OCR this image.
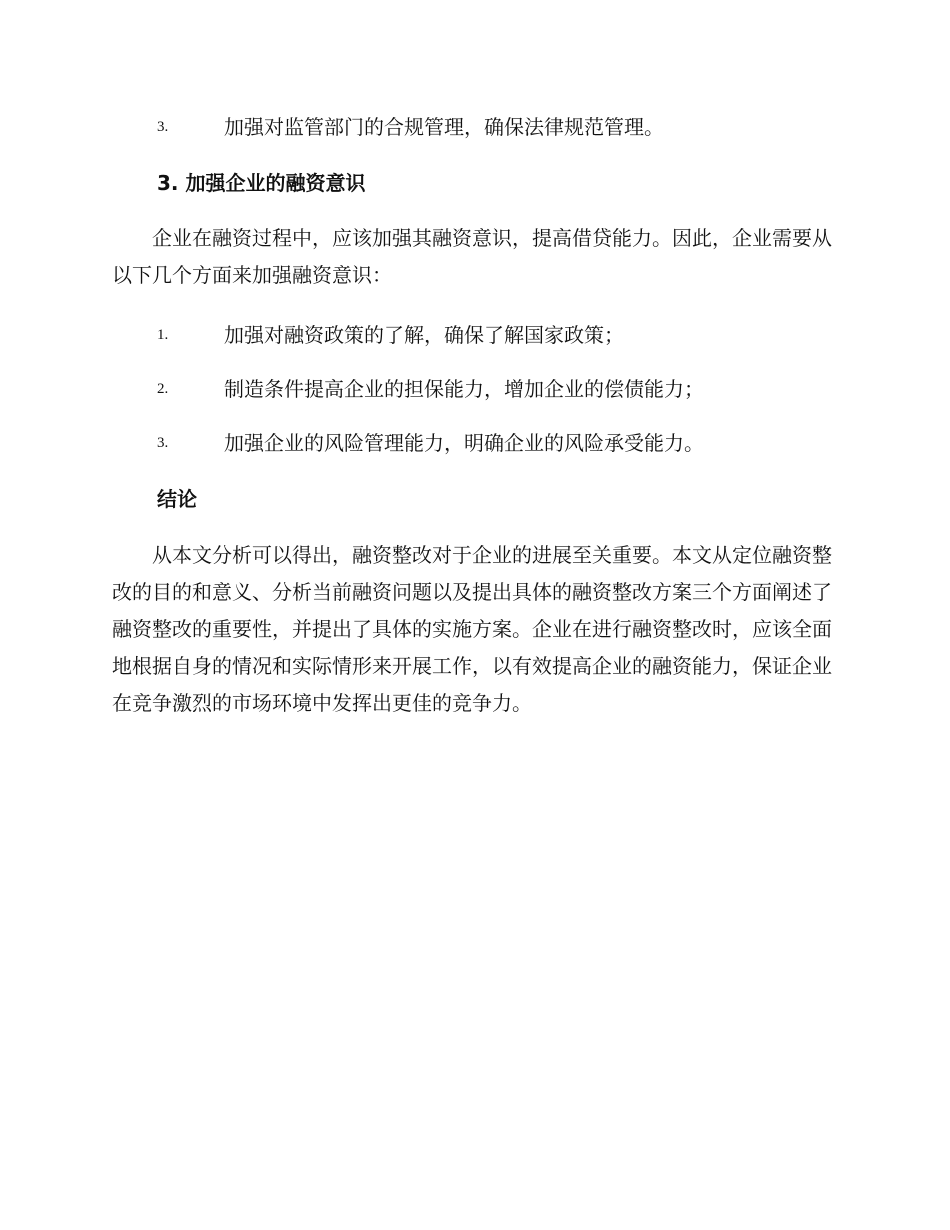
3.	加强对监管部门的合规管理，确保法律规范管理。
3. 加强企业的融资意识

企业在融资过程中，应该加强其融资意识，提高借贷能力。因此，企业需要从以下几个方面来加强融资意识：

1.	加强对融资政策的了解，确保了解国家政策；
2.	制造条件提高企业的担保能力，增加企业的偿债能力；
3.	加强企业的风险管理能力，明确企业的风险承受能力。
结论

从本文分析可以得出，融资整改对于企业的进展至关重要。本文从定位融资整改的目的和意义、分析当前融资问题以及提出具体的融资整改方案三个方面阐述了融资整改的重要性，并提出了具体的实施方案。企业在进行融资整改时，应该全面地根据自身的情况和实际情形来开展工作，以有效提高企业的融资能力，保证企业在竞争激烈的市场环境中发挥出更佳的竞争力。
